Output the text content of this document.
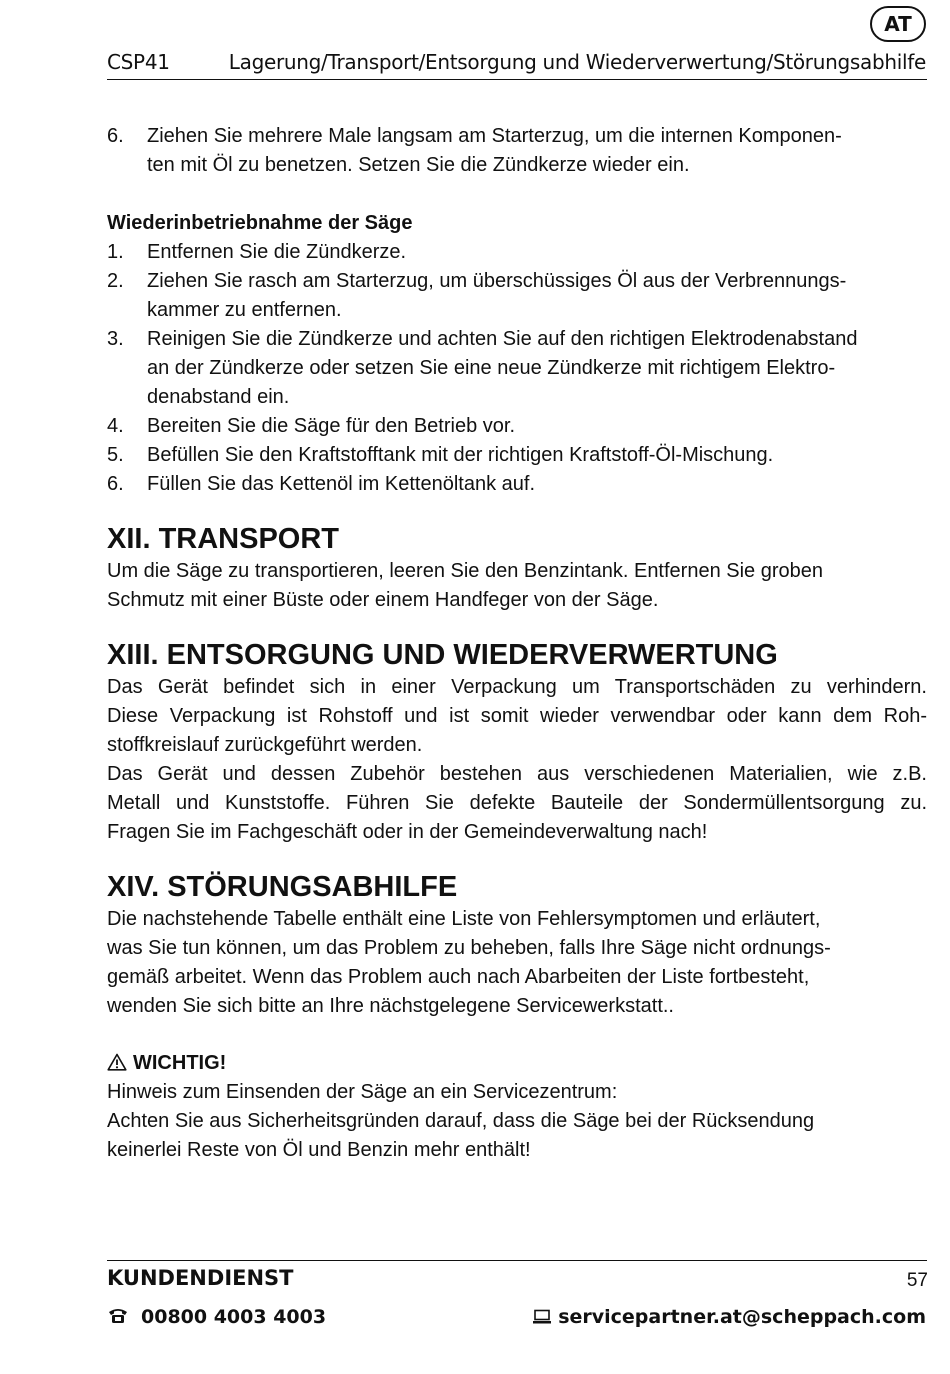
AT
CSP41	Lagerung/Transport/Entsorgung und Wiederverwertung/Störungsabhilfe
6. Ziehen Sie mehrere Male langsam am Starterzug, um die internen Komponen-
ten mit Öl zu benetzen. Setzen Sie die Zündkerze wieder ein.
Wiederinbetriebnahme der Säge
1. Entfernen Sie die Zündkerze.
2. Ziehen Sie rasch am Starterzug, um überschüssiges Öl aus der Verbrennungs-
kammer zu entfernen.
3. Reinigen Sie die Zündkerze und achten Sie auf den richtigen Elektrodenabstand
an der Zündkerze oder setzen Sie eine neue Zündkerze mit richtigem Elektro-
denabstand ein.
4. Bereiten Sie die Säge für den Betrieb vor.
5. Befüllen Sie den Kraftstofftank mit der richtigen Kraftstoff-Öl-Mischung.
6. Füllen Sie das Kettenöl im Kettenöltank auf.
XII. TRANSPORT
Um die Säge zu transportieren, leeren Sie den Benzintank. Entfernen Sie groben
Schmutz mit einer Büste oder einem Handfeger von der Säge.
XIII. ENTSORGUNG UND WIEDERVERWERTUNG
Das Gerät befindet sich in einer Verpackung um Transportschäden zu verhindern.
Diese Verpackung ist Rohstoff und ist somit wieder verwendbar oder kann dem Roh-
stoffkreislauf zurückgeführt werden.
Das Gerät und dessen Zubehör bestehen aus verschiedenen Materialien, wie z.B.
Metall und Kunststoffe. Führen Sie defekte Bauteile der Sondermüllentsorgung zu.
Fragen Sie im Fachgeschäft oder in der Gemeindeverwaltung nach!
XIV. STÖRUNGSABHILFE
Die nachstehende Tabelle enthält eine Liste von Fehlersymptomen und erläutert,
was Sie tun können, um das Problem zu beheben, falls Ihre Säge nicht ordnungs-
gemäß arbeitet. Wenn das Problem auch nach Abarbeiten der Liste fortbesteht,
wenden Sie sich bitte an Ihre nächstgelegene Servicewerkstatt..
WICHTIG!
Hinweis zum Einsenden der Säge an ein Servicezentrum:
Achten Sie aus Sicherheitsgründen darauf, dass die Säge bei der Rücksendung
keinerlei Reste von Öl und Benzin mehr enthält!
KUNDENDIENST	57
00800 4003 4003	servicepartner.at@scheppach.com
